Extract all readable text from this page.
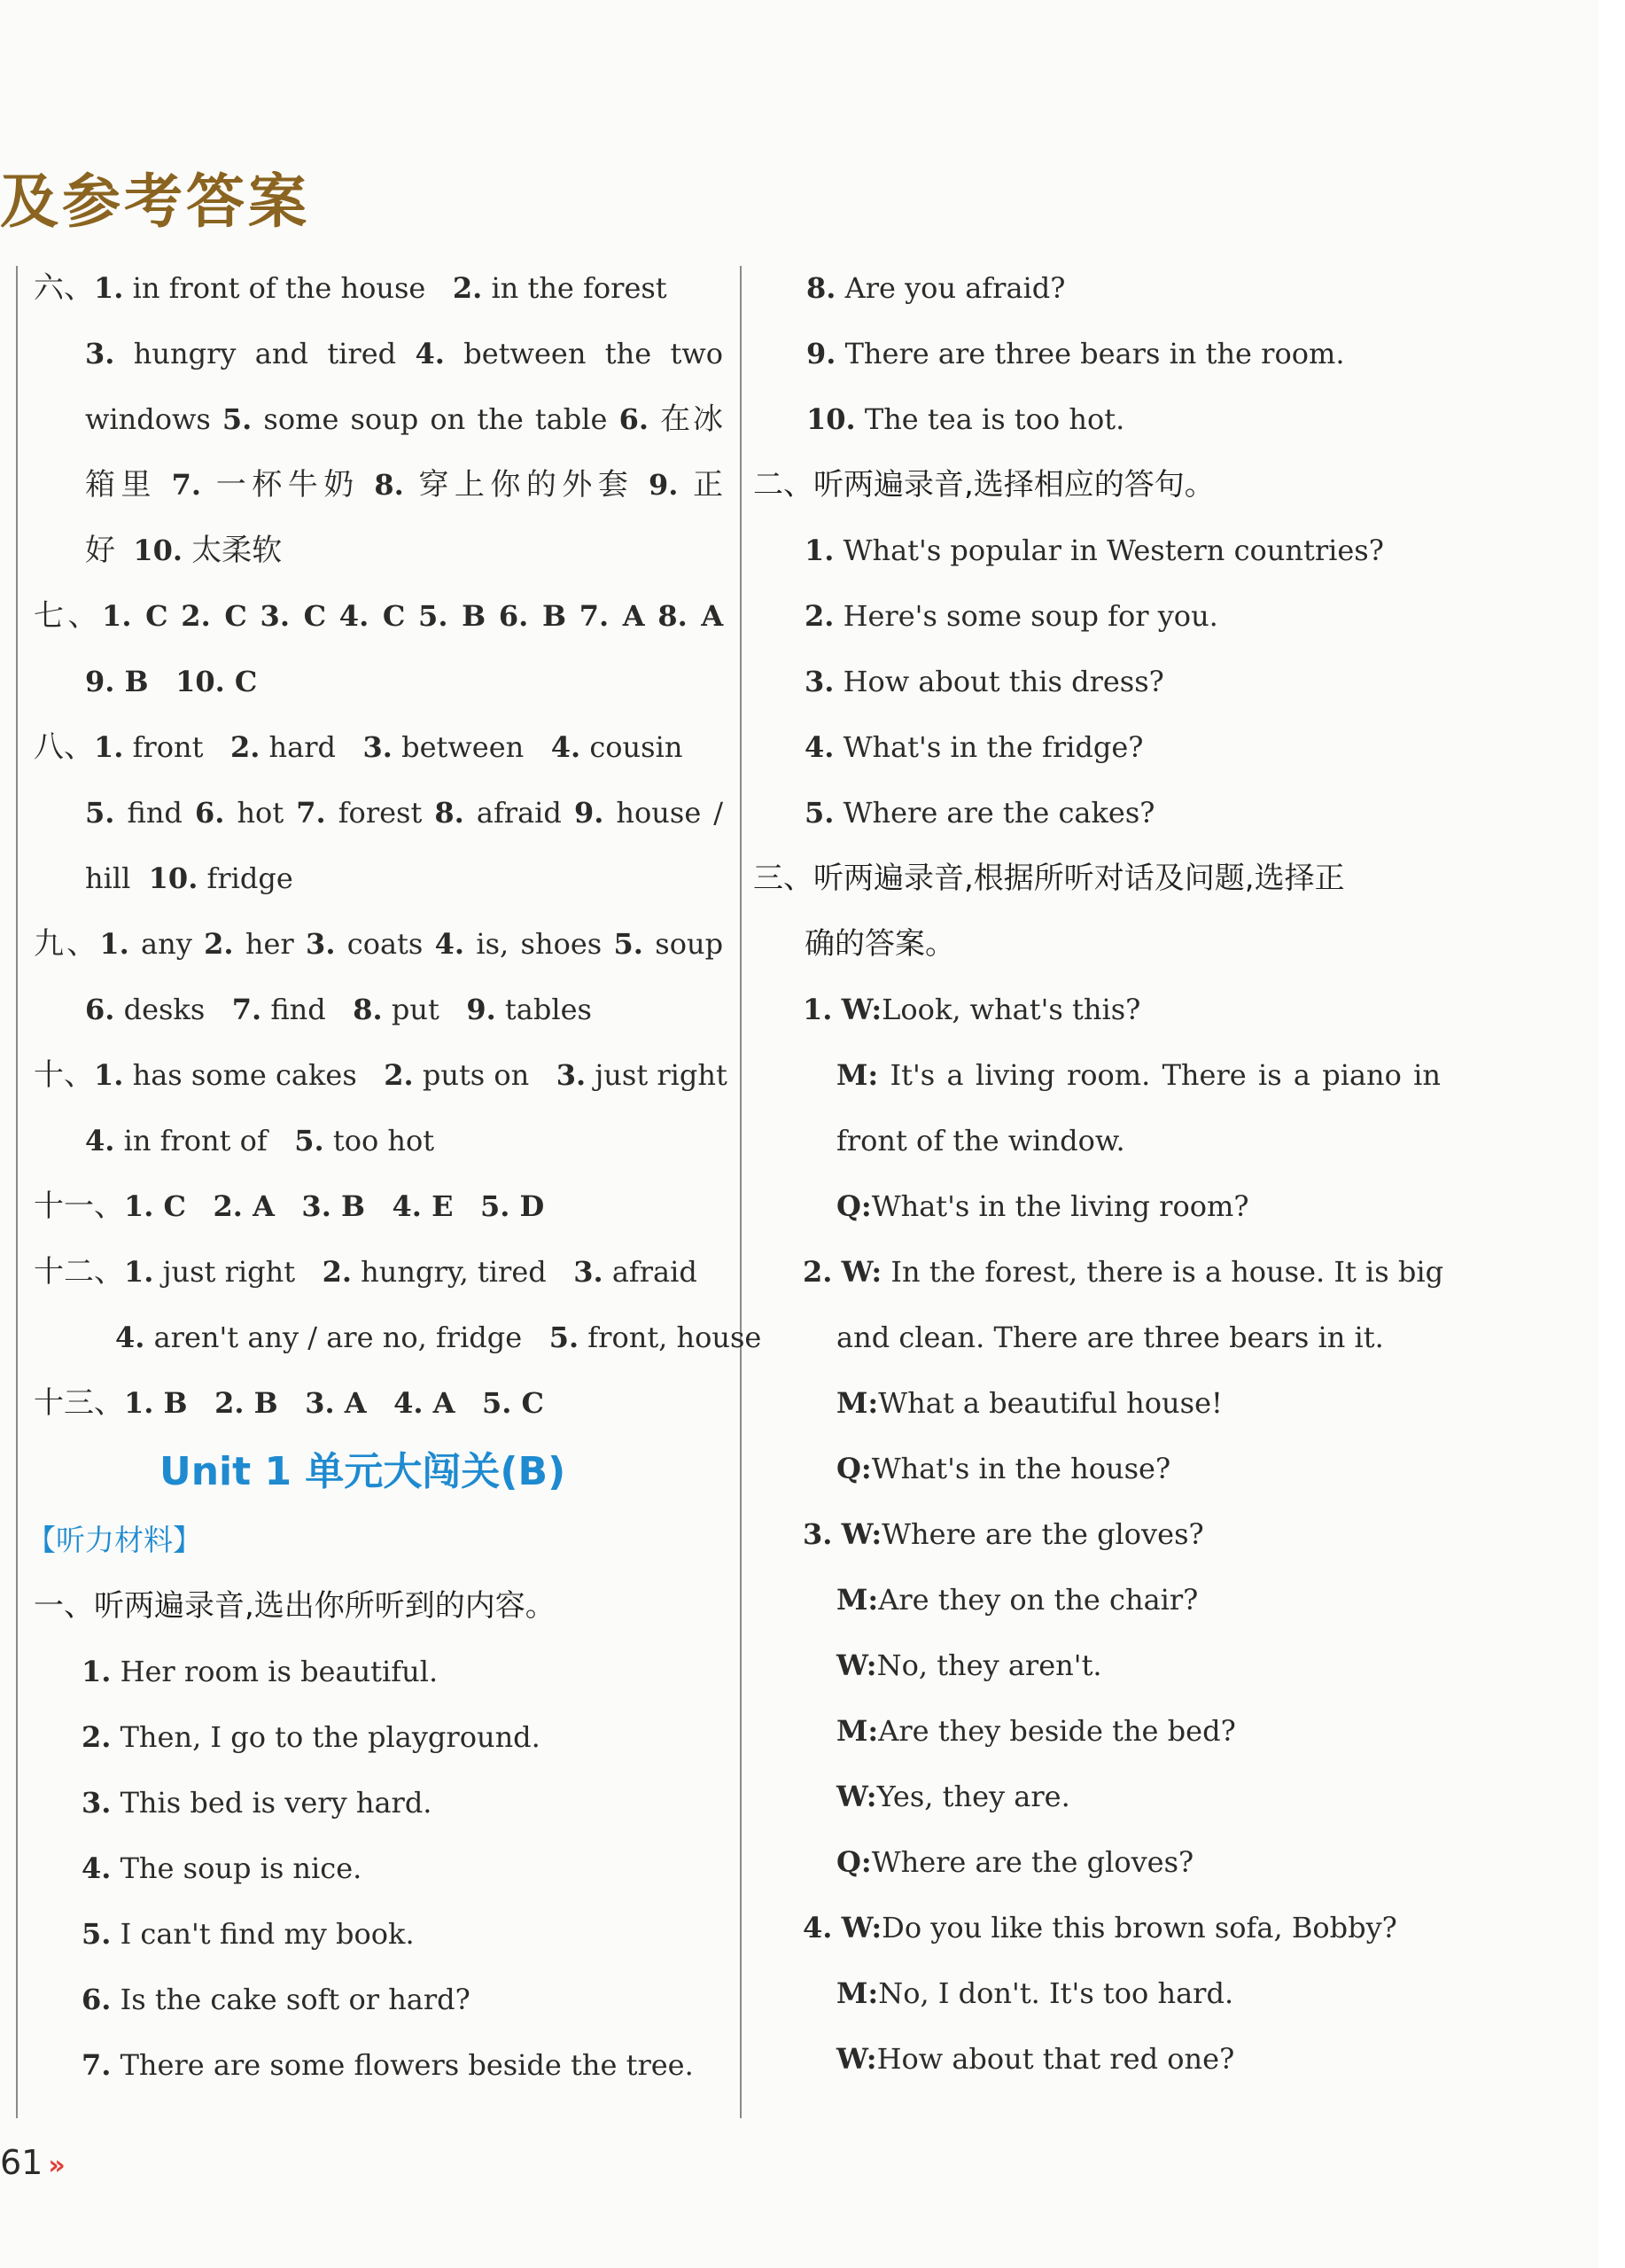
及参考答案
六、1. in front of the house 2. in the forest
3. hungry and tired 4. between the two
windows 5. some soup on the table 6. 在冰
箱里 7. 一杯牛奶 8. 穿上你的外套 9. 正
好 10. 太柔软
七、1. C 2. C 3. C 4. C 5. B 6. B 7. A 8. A
9. B 10. C
八、1. front 2. hard 3. between 4. cousin
5. find 6. hot 7. forest 8. afraid 9. house /
hill 10. fridge
九、1. any 2. her 3. coats 4. is, shoes 5. soup
6. desks 7. find 8. put 9. tables
十、1. has some cakes 2. puts on 3. just right
4. in front of 5. too hot
十一、1. C 2. A 3. B 4. E 5. D
十二、1. just right 2. hungry, tired 3. afraid
4. aren't any / are no, fridge 5. front, house
十三、1. B 2. B 3. A 4. A 5. C
Unit 1 单元大闯关(B)
【听力材料】
一、听两遍录音,选出你所听到的内容。
1. Her room is beautiful.
2. Then, I go to the playground.
3. This bed is very hard.
4. The soup is nice.
5. I can't find my book.
6. Is the cake soft or hard?
7. There are some flowers beside the tree.
8. Are you afraid?
9. There are three bears in the room.
10. The tea is too hot.
二、听两遍录音,选择相应的答句。
1. What's popular in Western countries?
2. Here's some soup for you.
3. How about this dress?
4. What's in the fridge?
5. Where are the cakes?
三、听两遍录音,根据所听对话及问题,选择正
确的答案。
1. W:Look, what's this?
M: It's a living room. There is a piano in
front of the window.
Q:What's in the living room?
2. W: In the forest, there is a house. It is big
and clean. There are three bears in it.
M:What a beautiful house!
Q:What's in the house?
3. W:Where are the gloves?
M:Are they on the chair?
W:No, they aren't.
M:Are they beside the bed?
W:Yes, they are.
Q:Where are the gloves?
4. W:Do you like this brown sofa, Bobby?
M:No, I don't. It's too hard.
W:How about that red one?
61 »
